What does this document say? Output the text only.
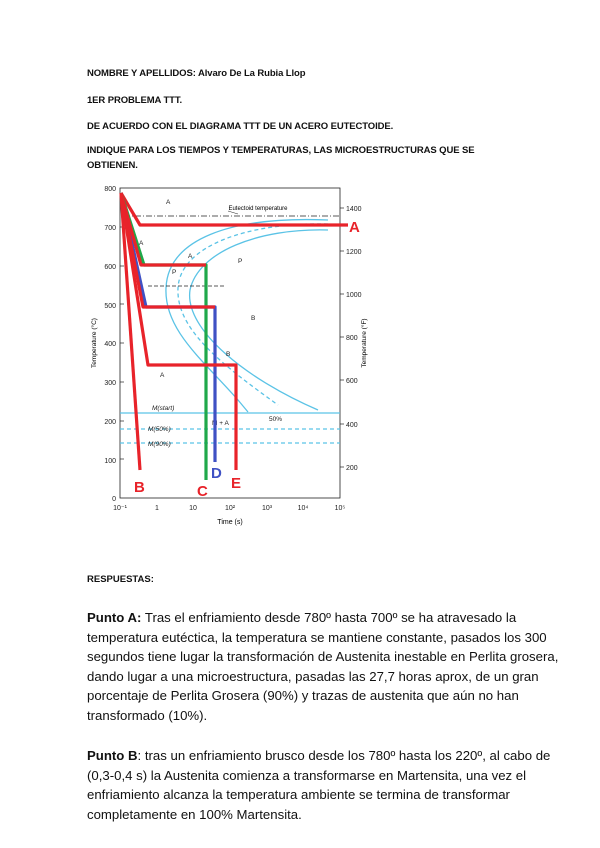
NOMBRE Y APELLIDOS: Alvaro De La Rubia Llop
1ER PROBLEMA TTT.
DE ACUERDO CON EL DIAGRAMA TTT DE UN ACERO EUTECTOIDE.
INDIQUE PARA LOS TIEMPOS Y TEMPERATURAS, LAS MICROESTRUCTURAS QUE SE OBTIENEN.
0
100
200
300
400
500
600
700
800
200
400
600
800
1000
1200
1400
10⁻¹	1	10	10²	10³	10⁴	10⁵
Time (s)
Temperature (°C)	Temperature (°F)
Eutectoid temperature
A
A
A
A
P
P
B
B
M + A
50%
M(start)
M(50%)
M(90%)
A
B	C
D
E
RESPUESTAS:
Punto A: Tras el enfriamiento desde 780º hasta 700º se ha atravesado la temperatura eutéctica, la temperatura se mantiene constante, pasados los 300 segundos tiene lugar la transformación de Austenita inestable en Perlita grosera, dando lugar a una microestructura, pasadas las 27,7 horas aprox, de un gran porcentaje de Perlita Grosera (90%) y trazas de austenita que aún no han transformado (10%).
Punto B: tras un enfriamiento brusco desde los 780º hasta los 220º, al cabo de (0,3-0,4 s) la Austenita comienza a transformarse en Martensita, una vez el enfriamiento alcanza la temperatura ambiente se termina de transformar completamente en 100% Martensita.
